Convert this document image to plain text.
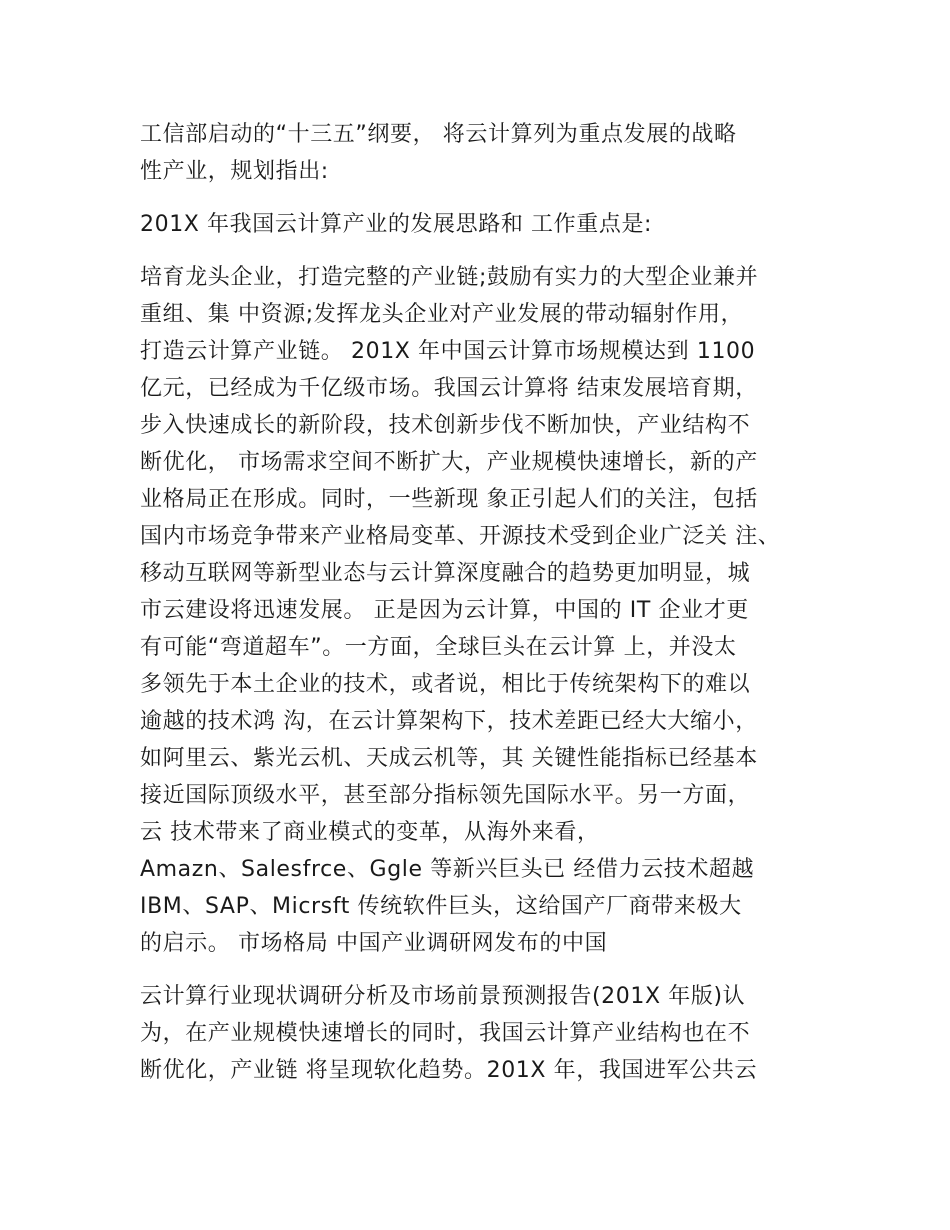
工信部启动的“十三五”纲要， 将云计算列为重点发展的战略
性产业，规划指出:

201X 年我国云计算产业的发展思路和 工作重点是:

培育龙头企业，打造完整的产业链;鼓励有实力的大型企业兼并
重组、集 中资源;发挥龙头企业对产业发展的带动辐射作用，
打造云计算产业链。 201X 年中国云计算市场规模达到 1100
亿元，已经成为千亿级市场。我国云计算将 结束发展培育期，
步入快速成长的新阶段，技术创新步伐不断加快，产业结构不
断优化， 市场需求空间不断扩大，产业规模快速增长，新的产
业格局正在形成。同时，一些新现 象正引起人们的关注，包括
国内市场竞争带来产业格局变革、开源技术受到企业广泛关 注、
移动互联网等新型业态与云计算深度融合的趋势更加明显，城
市云建设将迅速发展。 正是因为云计算，中国的 IT 企业才更
有可能“弯道超车”。一方面，全球巨头在云计算 上，并没太
多领先于本土企业的技术，或者说，相比于传统架构下的难以
逾越的技术鸿 沟，在云计算架构下，技术差距已经大大缩小，
如阿里云、紫光云机、天成云机等，其 关键性能指标已经基本
接近国际顶级水平，甚至部分指标领先国际水平。另一方面，
云 技术带来了商业模式的变革，从海外来看，
Amazn、Salesfrce、Ggle 等新兴巨头已 经借力云技术超越
IBM、SAP、Micrsft 传统软件巨头，这给国产厂商带来极大
的启示。 市场格局 中国产业调研网发布的中国

云计算行业现状调研分析及市场前景预测报告(201X 年版)认
为，在产业规模快速增长的同时，我国云计算产业结构也在不
断优化，产业链 将呈现软化趋势。201X 年，我国进军公共云
